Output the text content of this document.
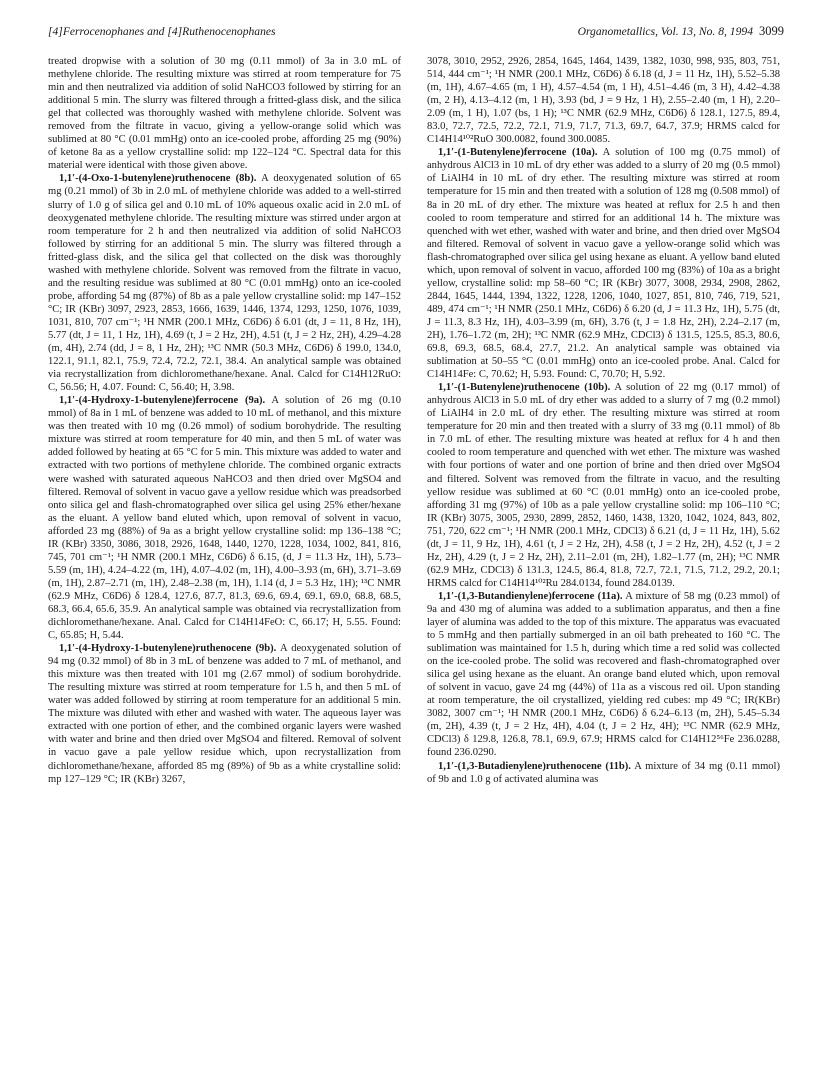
[4]Ferrocenophanes and [4]Ruthenocenophanes	Organometallics, Vol. 13, No. 8, 1994 3099

treated dropwise with a solution of 30 mg (0.11 mmol) of 3a in 3.0 mL of methylene chloride. The resulting mixture was stirred at room temperature for 75 min and then neutralized via addition of solid NaHCO3 followed by stirring for an additional 5 min. The slurry was filtered through a fritted-glass disk, and the silica gel that collected was thoroughly washed with methylene chloride. Solvent was removed from the filtrate in vacuo, giving a yellow-orange solid which was sublimed at 80 °C (0.01 mmHg) onto an ice-cooled probe, affording 25 mg (90%) of ketone 8a as a yellow crystalline solid: mp 122–124 °C. Spectral data for this material were identical with those given above.

1,1′-(4-Oxo-1-butenylene)ruthenocene (8b). A deoxygenated solution of 65 mg (0.21 mmol) of 3b in 2.0 mL of methylene chloride was added to a well-stirred slurry of 1.0 g of silica gel and 0.10 mL of 10% aqueous oxalic acid in 2.0 mL of deoxygenated methylene chloride. The resulting mixture was stirred under argon at room temperature for 2 h and then neutralized via addition of solid NaHCO3 followed by stirring for an additional 5 min. The slurry was filtered through a fritted-glass disk, and the silica gel that collected on the disk was thoroughly washed with methylene chloride. Solvent was removed from the filtrate in vacuo, and the resulting residue was sublimed at 80 °C (0.01 mmHg) onto an ice-cooled probe, affording 54 mg (87%) of 8b as a pale yellow crystalline solid: mp 147–152 °C; IR (KBr) 3097, 2923, 2853, 1666, 1639, 1446, 1374, 1293, 1250, 1076, 1039, 1031, 810, 707 cm⁻¹; ¹H NMR (200.1 MHz, C6D6) δ 6.01 (dt, J = 11, 8 Hz, 1H), 5.77 (dt, J = 11, 1 Hz, 1H), 4.69 (t, J = 2 Hz, 2H), 4.51 (t, J = 2 Hz, 2H), 4.29–4.28 (m, 4H), 2.74 (dd, J = 8, 1 Hz, 2H); ¹³C NMR (50.3 MHz, C6D6) δ 199.0, 134.0, 122.1, 91.1, 82.1, 75.9, 72.4, 72.2, 72.1, 38.4. An analytical sample was obtained via recrystallization from dichloromethane/hexane. Anal. Calcd for C14H12RuO: C, 56.56; H, 4.07. Found: C, 56.40; H, 3.98.

1,1′-(4-Hydroxy-1-butenylene)ferrocene (9a). A solution of 26 mg (0.10 mmol) of 8a in 1 mL of benzene was added to 10 mL of methanol, and this mixture was then treated with 10 mg (0.26 mmol) of sodium borohydride. The resulting mixture was stirred at room temperature for 40 min, and then 5 mL of water was added followed by heating at 65 °C for 5 min. This mixture was added to water and extracted with two portions of methylene chloride. The combined organic extracts were washed with saturated aqueous NaHCO3 and then dried over MgSO4 and filtered. Removal of solvent in vacuo gave a yellow residue which was preadsorbed onto silica gel and flash-chromatographed over silica gel using 25% ether/hexane as the eluant. A yellow band eluted which, upon removal of solvent in vacuo, afforded 23 mg (88%) of 9a as a bright yellow crystalline solid: mp 136–138 °C; IR (KBr) 3350, 3086, 3018, 2926, 1648, 1440, 1270, 1228, 1034, 1002, 841, 816, 745, 701 cm⁻¹; ¹H NMR (200.1 MHz, C6D6) δ 6.15, (d, J = 11.3 Hz, 1H), 5.73–5.59 (m, 1H), 4.24–4.22 (m, 1H), 4.07–4.02 (m, 1H), 4.00–3.93 (m, 6H), 3.71–3.69 (m, 1H), 2.87–2.71 (m, 1H), 2.48–2.38 (m, 1H), 1.14 (d, J = 5.3 Hz, 1H); ¹³C NMR (62.9 MHz, C6D6) δ 128.4, 127.6, 87.7, 81.3, 69.6, 69.4, 69.1, 69.0, 68.8, 68.5, 68.3, 66.4, 65.6, 35.9. An analytical sample was obtained via recrystallization from dichloromethane/hexane. Anal. Calcd for C14H14FeO: C, 66.17; H, 5.55. Found: C, 65.85; H, 5.44.

1,1′-(4-Hydroxy-1-butenylene)ruthenocene (9b). A deoxygenated solution of 94 mg (0.32 mmol) of 8b in 3 mL of benzene was added to 7 mL of methanol, and this mixture was then treated with 101 mg (2.67 mmol) of sodium borohydride. The resulting mixture was stirred at room temperature for 1.5 h, and then 5 mL of water was added followed by stirring at room temperature for an additional 5 min. The mixture was diluted with ether and washed with water. The aqueous layer was extracted with one portion of ether, and the combined organic layers were washed with water and brine and then dried over MgSO4 and filtered. Removal of solvent in vacuo gave a pale yellow residue which, upon recrystallization from dichloromethane/hexane, afforded 85 mg (89%) of 9b as a white crystalline solid: mp 127–129 °C; IR (KBr) 3267,

3078, 3010, 2952, 2926, 2854, 1645, 1464, 1439, 1382, 1030, 998, 935, 803, 751, 514, 444 cm⁻¹; ¹H NMR (200.1 MHz, C6D6) δ 6.18 (d, J = 11 Hz, 1H), 5.52–5.38 (m, 1H), 4.67–4.65 (m, 1 H), 4.57–4.54 (m, 1 H), 4.51–4.46 (m, 3 H), 4.42–4.38 (m, 2 H), 4.13–4.12 (m, 1 H), 3.93 (bd, J = 9 Hz, 1 H), 2.55–2.40 (m, 1 H), 2.20–2.09 (m, 1 H), 1.07 (bs, 1 H); ¹³C NMR (62.9 MHz, C6D6) δ 128.1, 127.5, 89.4, 83.0, 72.7, 72.5, 72.2, 72.1, 71.9, 71.7, 71.3, 69.7, 64.7, 37.9; HRMS calcd for C14H14¹⁰²RuO 300.0082, found 300.0085.

1,1′-(1-Butenylene)ferrocene (10a). A solution of 100 mg (0.75 mmol) of anhydrous AlCl3 in 10 mL of dry ether was added to a slurry of 20 mg (0.5 mmol) of LiAlH4 in 10 mL of dry ether. The resulting mixture was stirred at room temperature for 15 min and then treated with a solution of 128 mg (0.508 mmol) of 8a in 20 mL of dry ether. The mixture was heated at reflux for 2.5 h and then cooled to room temperature and stirred for an additional 14 h. The mixture was quenched with wet ether, washed with water and brine, and then dried over MgSO4 and filtered. Removal of solvent in vacuo gave a yellow-orange solid which was flash-chromatographed over silica gel using hexane as eluant. A yellow band eluted which, upon removal of solvent in vacuo, afforded 100 mg (83%) of 10a as a bright yellow, crystalline solid: mp 58–60 °C; IR (KBr) 3077, 3008, 2934, 2908, 2862, 2844, 1645, 1444, 1394, 1322, 1228, 1206, 1040, 1027, 851, 810, 746, 719, 521, 489, 474 cm⁻¹; ¹H NMR (250.1 MHz, C6D6) δ 6.20 (d, J = 11.3 Hz, 1H), 5.75 (dt, J = 11.3, 8.3 Hz, 1H), 4.03–3.99 (m, 6H), 3.76 (t, J = 1.8 Hz, 2H), 2.24–2.17 (m, 2H), 1.76–1.72 (m, 2H); ¹³C NMR (62.9 MHz, CDCl3) δ 131.5, 125.5, 85.3, 80.6, 69.8, 69.3, 68.5, 68.4, 27.7, 21.2. An analytical sample was obtained via sublimation at 50–55 °C (0.01 mmHg) onto an ice-cooled probe. Anal. Calcd for C14H14Fe: C, 70.62; H, 5.93. Found: C, 70.70; H, 5.92.

1,1′-(1-Butenylene)ruthenocene (10b). A solution of 22 mg (0.17 mmol) of anhydrous AlCl3 in 5.0 mL of dry ether was added to a slurry of 7 mg (0.2 mmol) of LiAlH4 in 2.0 mL of dry ether. The resulting mixture was stirred at room temperature for 20 min and then treated with a slurry of 33 mg (0.11 mmol) of 8b in 7.0 mL of ether. The resulting mixture was heated at reflux for 4 h and then cooled to room temperature and quenched with wet ether. The mixture was washed with four portions of water and one portion of brine and then dried over MgSO4 and filtered. Solvent was removed from the filtrate in vacuo, and the resulting yellow residue was sublimed at 60 °C (0.01 mmHg) onto an ice-cooled probe, affording 31 mg (97%) of 10b as a pale yellow crystalline solid: mp 106–110 °C; IR (KBr) 3075, 3005, 2930, 2899, 2852, 1460, 1438, 1320, 1042, 1024, 843, 802, 751, 720, 622 cm⁻¹; ¹H NMR (200.1 MHz, CDCl3) δ 6.21 (d, J = 11 Hz, 1H), 5.62 (dt, J = 11, 9 Hz, 1H), 4.61 (t, J = 2 Hz, 2H), 4.58 (t, J = 2 Hz, 2H), 4.52 (t, J = 2 Hz, 2H), 4.29 (t, J = 2 Hz, 2H), 2.11–2.01 (m, 2H), 1.82–1.77 (m, 2H); ¹³C NMR (62.9 MHz, CDCl3) δ 131.3, 124.5, 86.4, 81.8, 72.7, 72.1, 71.5, 71.2, 29.2, 20.1; HRMS calcd for C14H14¹⁰²Ru 284.0134, found 284.0139.

1,1′-(1,3-Butandienylene)ferrocene (11a). A mixture of 58 mg (0.23 mmol) of 9a and 430 mg of alumina was added to a sublimation apparatus, and then a fine layer of alumina was added to the top of this mixture. The apparatus was evacuated to 5 mmHg and then partially submerged in an oil bath preheated to 160 °C. The sublimation was maintained for 1.5 h, during which time a red solid was collected on the ice-cooled probe. The solid was recovered and flash-chromatographed over silica gel using hexane as the eluant. An orange band eluted which, upon removal of solvent in vacuo, gave 24 mg (44%) of 11a as a viscous red oil. Upon standing at room temperature, the oil crystallized, yielding red cubes: mp 49 °C; IR(KBr) 3082, 3007 cm⁻¹; ¹H NMR (200.1 MHz, C6D6) δ 6.24–6.13 (m, 2H), 5.45–5.34 (m, 2H), 4.39 (t, J = 2 Hz, 4H), 4.04 (t, J = 2 Hz, 4H); ¹³C NMR (62.9 MHz, CDCl3) δ 129.8, 126.8, 78.1, 69.9, 67.9; HRMS calcd for C14H12⁵⁶Fe 236.0288, found 236.0290.

1,1′-(1,3-Butadienylene)ruthenocene (11b). A mixture of 34 mg (0.11 mmol) of 9b and 1.0 g of activated alumina was
